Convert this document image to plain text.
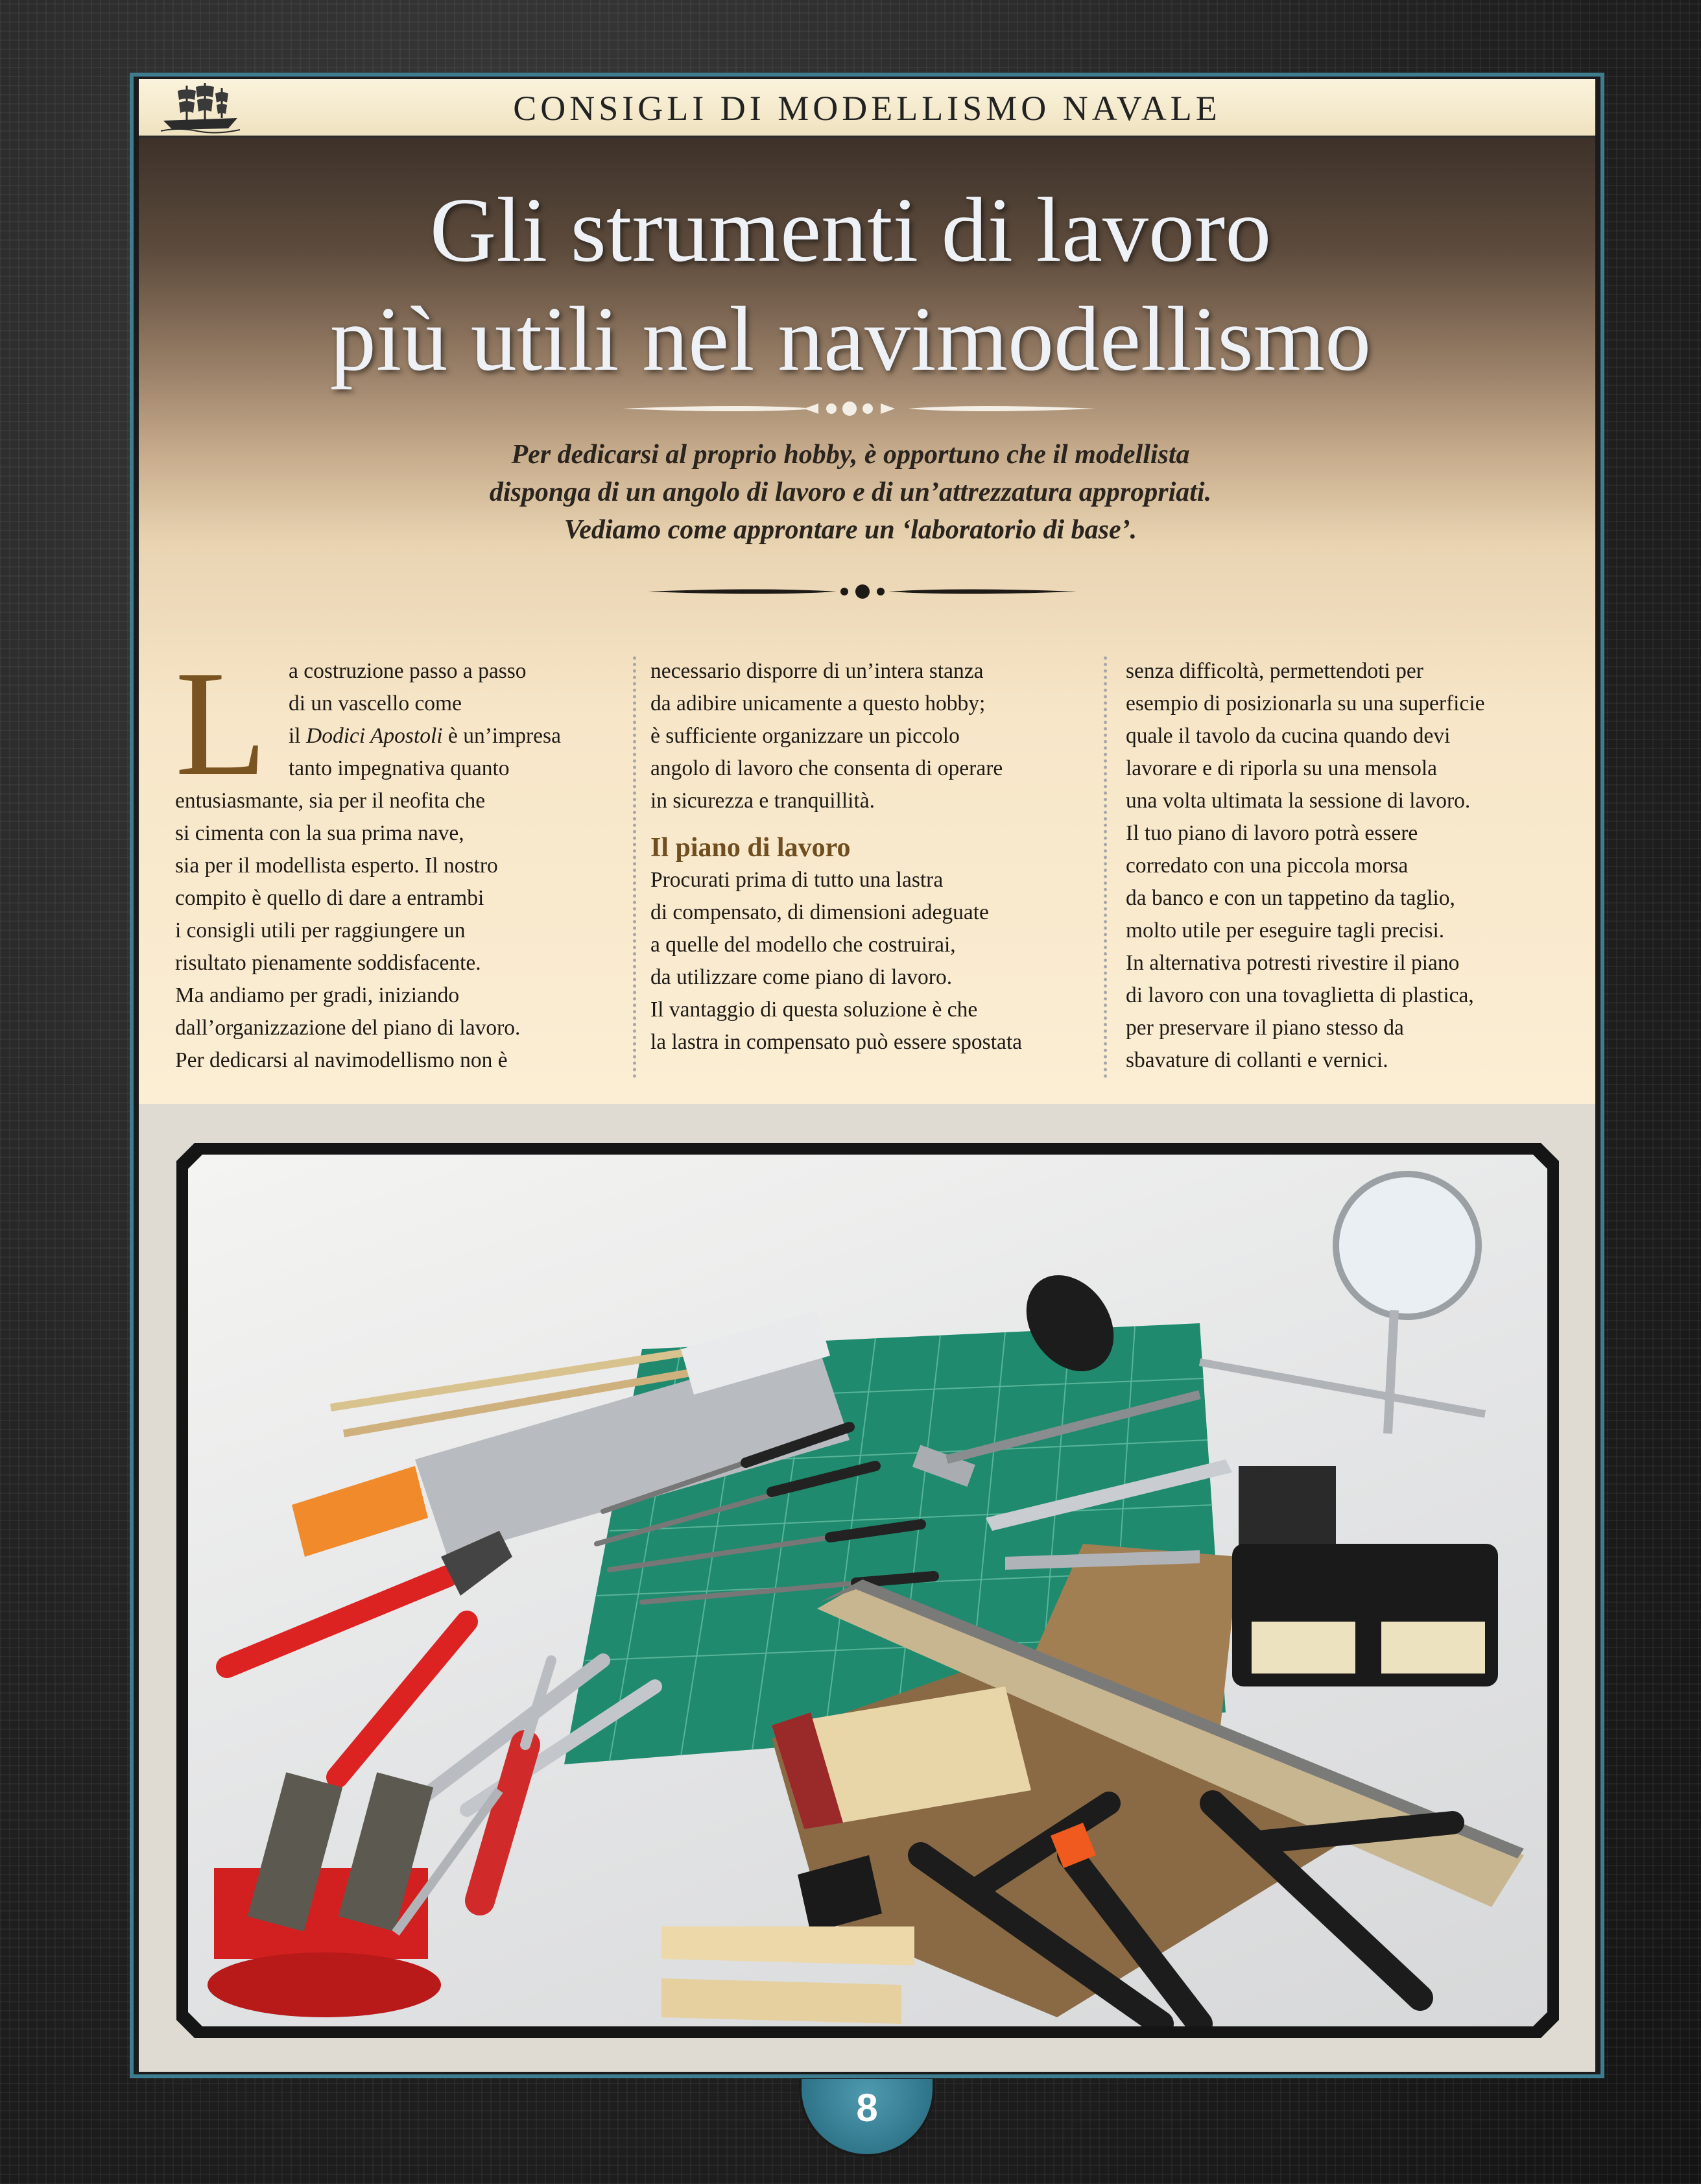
CONSIGLI DI MODELLISMO NAVALE
Gli strumenti di lavoro
più utili nel navimodellismo
Per dedicarsi al proprio hobby, è opportuno che il modellista
disponga di un angolo di lavoro e di un’attrezzatura appropriati.
Vediamo come approntare un ‘laboratorio di base’.
L a costruzione passo a passo
di un vascello come
il Dodici Apostoli è un’impresa
tanto impegnativa quanto
entusiasmante, sia per il neofita che
si cimenta con la sua prima nave,
sia per il modellista esperto. Il nostro
compito è quello di dare a entrambi
i consigli utili per raggiungere un
risultato pienamente soddisfacente.
Ma andiamo per gradi, iniziando
dall’organizzazione del piano di lavoro.
Per dedicarsi al navimodellismo non è
necessario disporre di un’intera stanza
da adibire unicamente a questo hobby;
è sufficiente organizzare un piccolo
angolo di lavoro che consenta di operare
in sicurezza e tranquillità.
Il piano di lavoro
Procurati prima di tutto una lastra
di compensato, di dimensioni adeguate
a quelle del modello che costruirai,
da utilizzare come piano di lavoro.
Il vantaggio di questa soluzione è che
la lastra in compensato può essere spostata
senza difficoltà, permettendoti per
esempio di posizionarla su una superficie
quale il tavolo da cucina quando devi
lavorare e di riporla su una mensola
una volta ultimata la sessione di lavoro.
Il tuo piano di lavoro potrà essere
corredato con una piccola morsa
da banco e con un tappetino da taglio,
molto utile per eseguire tagli precisi.
In alternativa potresti rivestire il piano
di lavoro con una tovaglietta di plastica,
per preservare il piano stesso da
sbavature di collanti e vernici.
8
